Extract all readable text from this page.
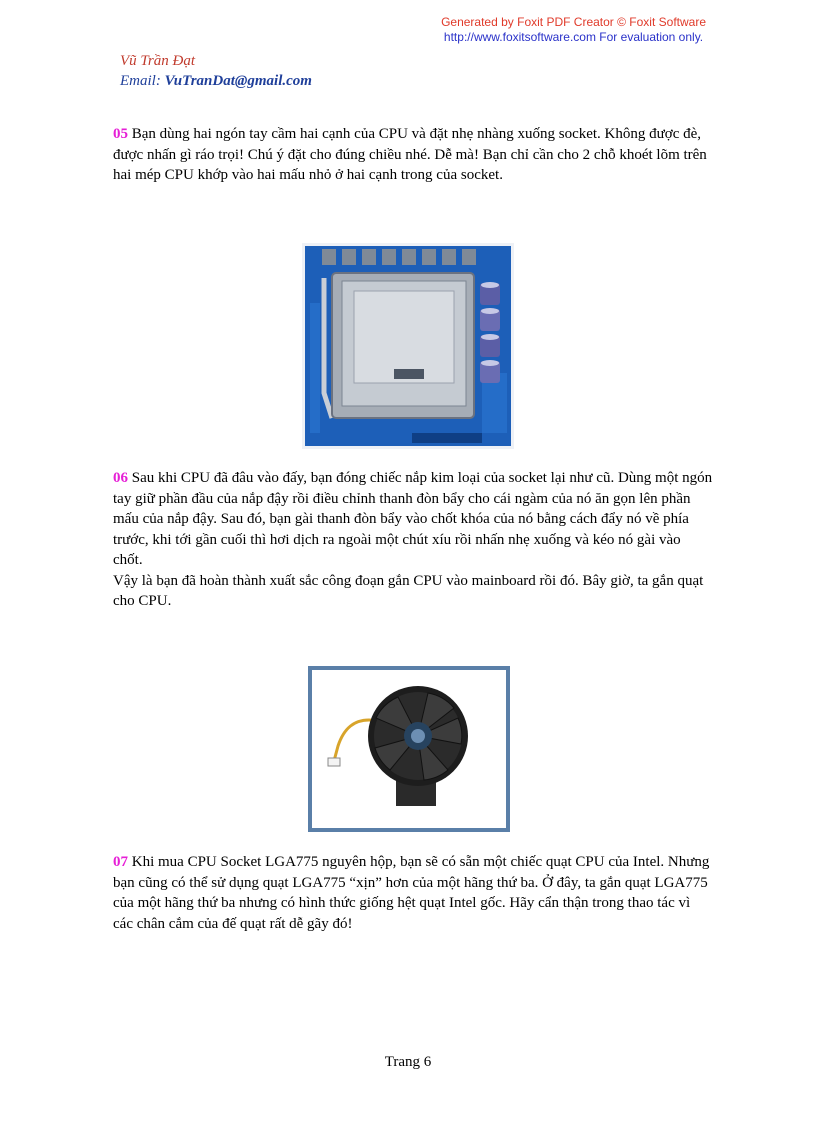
Generated by Foxit PDF Creator © Foxit Software
http://www.foxitsoftware.com For evaluation only.
Vũ Trần Đạt
Email: VuTranDat@gmail.com
05 Bạn dùng hai ngón tay cầm hai cạnh của CPU và đặt nhẹ nhàng xuống socket. Không được đè, được nhấn gì ráo trọi! Chú ý đặt cho đúng chiều nhé. Dễ mà! Bạn chỉ cần cho 2 chỗ khoét lõm trên hai mép CPU khớp vào hai mấu nhỏ ở hai cạnh trong của socket.
06 Sau khi CPU đã đâu vào đấy, bạn đóng chiếc nắp kim loại của socket lại như cũ. Dùng một ngón tay giữ phần đầu của nắp đậy rồi điều chỉnh thanh đòn bẩy cho cái ngàm của nó ăn gọn lên phần mấu của nắp đậy. Sau đó, bạn gài thanh đòn bẩy vào chốt khóa của nó bằng cách đẩy nó về phía trước, khi tới gần cuối thì hơi dịch ra ngoài một chút xíu rồi nhấn nhẹ xuống và kéo nó gài vào chốt.
Vậy là bạn đã hoàn thành xuất sắc công đoạn gắn CPU vào mainboard rồi đó. Bây giờ, ta gắn quạt cho CPU.
07 Khi mua CPU Socket LGA775 nguyên hộp, bạn sẽ có sẵn một chiếc quạt CPU của Intel. Nhưng bạn cũng có thể sử dụng quạt LGA775 “xịn” hơn của một hãng thứ ba. Ở đây, ta gắn quạt LGA775 của một hãng thứ ba nhưng có hình thức giống hệt quạt Intel gốc. Hãy cẩn thận trong thao tác vì các chân cắm của đế quạt rất dễ gãy đó!
Trang 6
